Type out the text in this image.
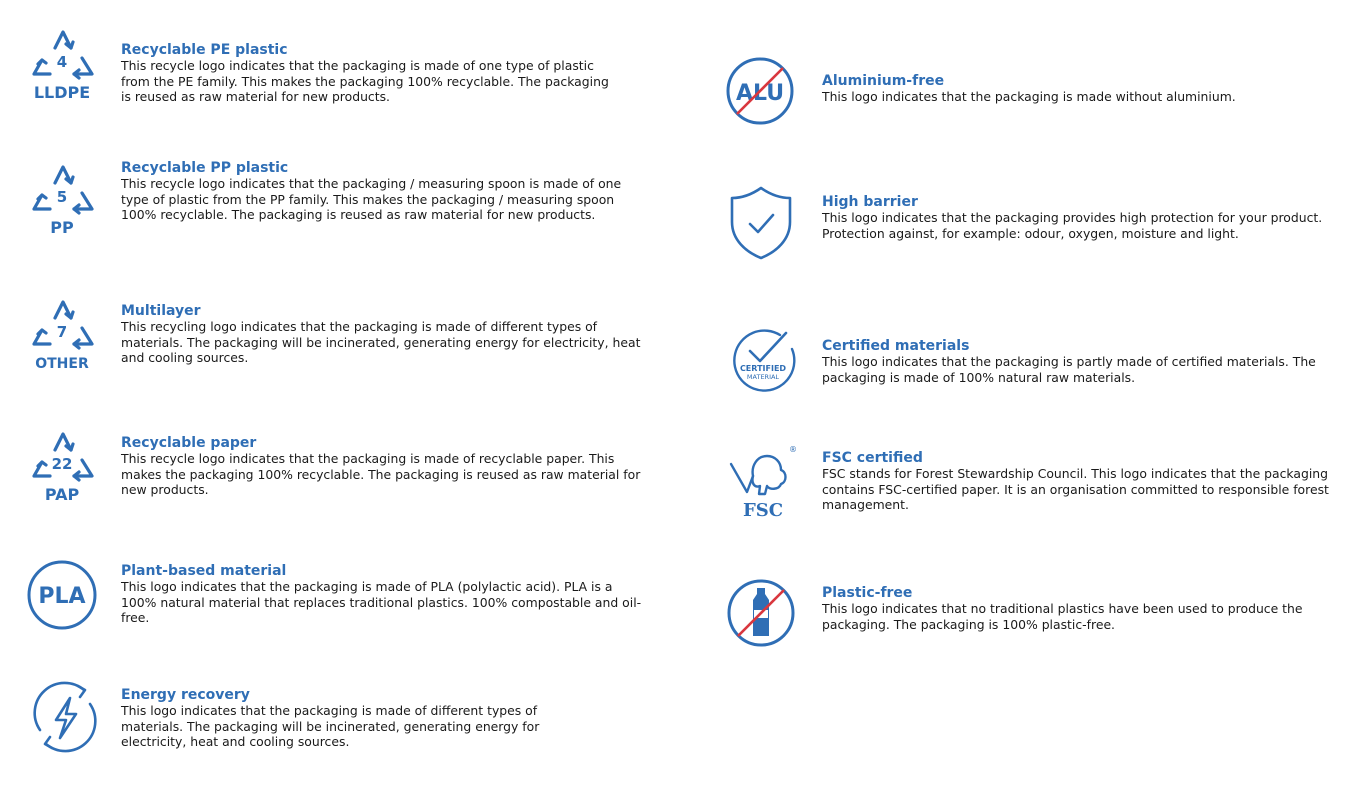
4
LLDPE

Recyclable PE plastic

This recycle logo indicates that the packaging is made of one type of plastic from the PE family. This makes the packaging 100% recyclable. The packaging is reused as raw material for new products.

5
PP

Recyclable PP plastic

This recycle logo indicates that the packaging / measuring spoon is made of one type of plastic from the PP family. This makes the packaging / measuring spoon 100% recyclable. The packaging is reused as raw material for new products.

7
OTHER

Multilayer

This recycling logo indicates that the packaging is made of different types of materials. The packaging will be incinerated, generating energy for electricity, heat and cooling sources.

22
PAP

Recyclable paper

This recycle logo indicates that the packaging is made of recyclable paper. This makes the packaging 100% recyclable. The packaging is reused as raw material for new products.

PLA

Plant-based material

This logo indicates that the packaging is made of PLA (polylactic acid). PLA is a 100% natural material that replaces traditional plastics. 100% compostable and oil-free.

Energy recovery

This logo indicates that the packaging is made of different types of materials. The packaging will be incinerated, generating energy for electricity, heat and cooling sources.

ALU	Aluminium-free

This logo indicates that the packaging is made without aluminium.

High barrier

This logo indicates that the packaging provides high protection for your product. Protection against, for example: odour, oxygen, moisture and light.

CERTIFIED
MATERIAL

Certified materials

This logo indicates that the packaging is partly made of certified materials. The packaging is made of 100% natural raw materials.

®
FSC

FSC certified

FSC stands for Forest Stewardship Council. This logo indicates that the packaging contains FSC-certified paper. It is an organisation committed to responsible forest management.

Plastic-free

This logo indicates that no traditional plastics have been used to produce the packaging. The packaging is 100% plastic-free.
